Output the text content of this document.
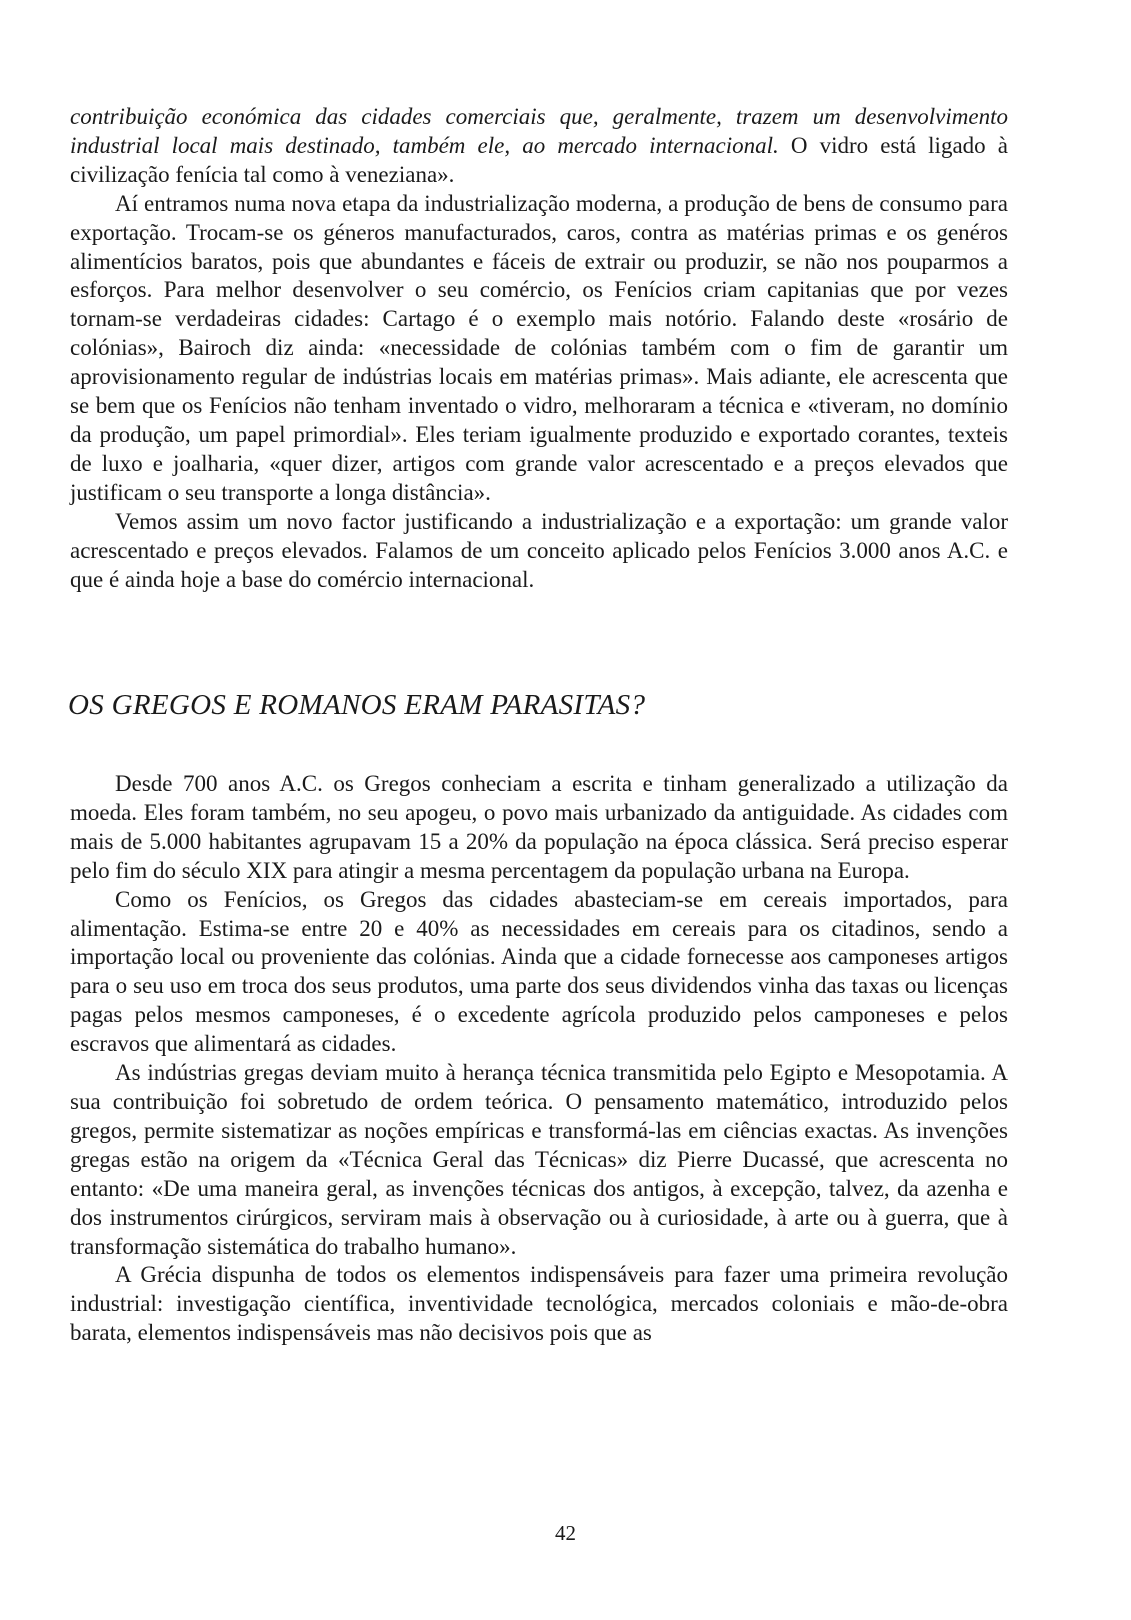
contribuição económica das cidades comerciais que, geralmente, trazem um desenvolvimento industrial local mais destinado, também ele, ao mercado internacional. O vidro está ligado à civilização fenícia tal como à veneziana».

Aí entramos numa nova etapa da industrialização moderna, a produção de bens de consumo para exportação. Trocam-se os géneros manufacturados, caros, contra as matérias primas e os genéros alimentícios baratos, pois que abundantes e fáceis de extrair ou produzir, se não nos pouparmos a esforços. Para melhor desenvolver o seu comércio, os Fenícios criam capitanias que por vezes tornam-se verdadeiras cidades: Cartago é o exemplo mais notório. Falando deste «rosário de colónias», Bairoch diz ainda: «necessidade de colónias também com o fim de garantir um aprovisionamento regular de indústrias locais em matérias primas». Mais adiante, ele acrescenta que se bem que os Fenícios não tenham inventado o vidro, melhoraram a técnica e «tiveram, no domínio da produção, um papel primordial». Eles teriam igualmente produzido e exportado corantes, texteis de luxo e joalharia, «quer dizer, artigos com grande valor acrescentado e a preços elevados que justificam o seu transporte a longa distância».

Vemos assim um novo factor justificando a industrialização e a exportação: um grande valor acrescentado e preços elevados. Falamos de um conceito aplicado pelos Fenícios 3.000 anos A.C. e que é ainda hoje a base do comércio internacional.

OS GREGOS E ROMANOS ERAM PARASITAS?

Desde 700 anos A.C. os Gregos conheciam a escrita e tinham generalizado a utilização da moeda. Eles foram também, no seu apogeu, o povo mais urbanizado da antiguidade. As cidades com mais de 5.000 habitantes agrupavam 15 a 20% da população na época clássica. Será preciso esperar pelo fim do século XIX para atingir a mesma percentagem da população urbana na Europa.

Como os Fenícios, os Gregos das cidades abasteciam-se em cereais importados, para alimentação. Estima-se entre 20 e 40% as necessidades em cereais para os citadinos, sendo a importação local ou proveniente das colónias. Ainda que a cidade fornecesse aos camponeses artigos para o seu uso em troca dos seus produtos, uma parte dos seus dividendos vinha das taxas ou licenças pagas pelos mesmos camponeses, é o excedente agrícola produzido pelos camponeses e pelos escravos que alimentará as cidades.

As indústrias gregas deviam muito à herança técnica transmitida pelo Egipto e Mesopotamia. A sua contribuição foi sobretudo de ordem teórica. O pensamento matemático, introduzido pelos gregos, permite sistematizar as noções empíricas e transformá-las em ciências exactas. As invenções gregas estão na origem da «Técnica Geral das Técnicas» diz Pierre Ducassé, que acrescenta no entanto: «De uma maneira geral, as invenções técnicas dos antigos, à excepção, talvez, da azenha e dos instrumentos cirúrgicos, serviram mais à observação ou à curiosidade, à arte ou à guerra, que à transformação sistemática do trabalho humano».

A Grécia dispunha de todos os elementos indispensáveis para fazer uma primeira revolução industrial: investigação científica, inventividade tecnológica, mercados coloniais e mão-de-obra barata, elementos indispensáveis mas não decisivos pois que as

42
